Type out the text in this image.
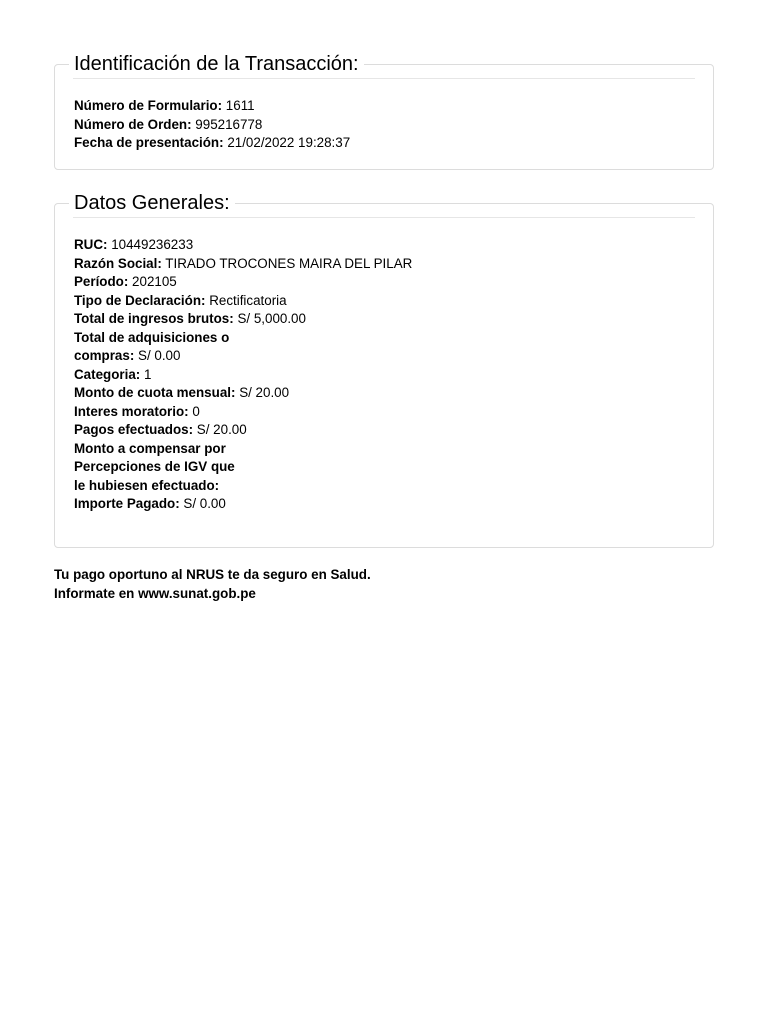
Identificación de la Transacción:
Número de Formulario: 1611
Número de Orden: 995216778
Fecha de presentación: 21/02/2022 19:28:37
Datos Generales:
RUC: 10449236233
Razón Social: TIRADO TROCONES MAIRA DEL PILAR
Período: 202105
Tipo de Declaración: Rectificatoria
Total de ingresos brutos: S/ 5,000.00
Total de adquisiciones o
compras: S/ 0.00
Categoria: 1
Monto de cuota mensual: S/ 20.00
Interes moratorio: 0
Pagos efectuados: S/ 20.00
Monto a compensar por
Percepciones de IGV que
le hubiesen efectuado:
Importe Pagado: S/ 0.00
Tu pago oportuno al NRUS te da seguro en Salud.
Informate en www.sunat.gob.pe
